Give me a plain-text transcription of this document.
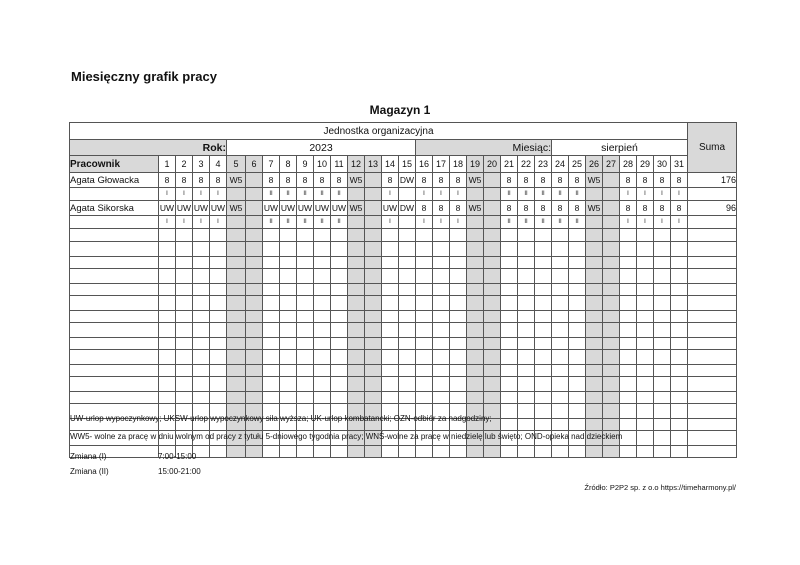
Miesięczny grafik pracy
Magazyn 1
Jednostka organizacyjna																																Suma
Rok:					2023											Miesiąc:								sierpień								
Pracownik	1	2	3	4	5	6	7	8	9	10	11	12	13	14	15	16	17	18	19	20	21	22	23	24	25	26	27	28	29	30	31	
Agata Głowacka	8	8	8	8	W5		8	8	8	8	8	W5		8	DW	8	8	8	W5		8	8	8	8	8	W5		8	8	8	8	176
	I	I	I	I			II	II	II	II	II			I		I	I	I			II	II	II	II	II			I	I	I	I	
Agata Sikorska	UW	UW	UW	UW	W5		UW	UW	UW	UW	UW	W5		UW	DW	8	8	8	W5		8	8	8	8	8	W5		8	8	8	8	96
	I	I	I	I			II	II	II	II	II			I		I	I	I			II	II	II	II	II			I	I	I	I	

UW-urlop wypoczynkowy; UKSW-urlop wypoczynkowy siła wyższa; UK-urlop kombatancki; OZN-odbiór za nadgodziny;
WW5- wolne za pracę w dniu wolnym od pracy z tytułu 5-dniowego tygodnia pracy; WNŚ-wolne za pracę w niedzielę lub święto; OND-opieka nad dzieckiem
Zmiana (I)	7:00-15:00
Zmiana (II)	15:00-21:00
Źródło: P2P2 sp. z o.o https://timeharmony.pl/
